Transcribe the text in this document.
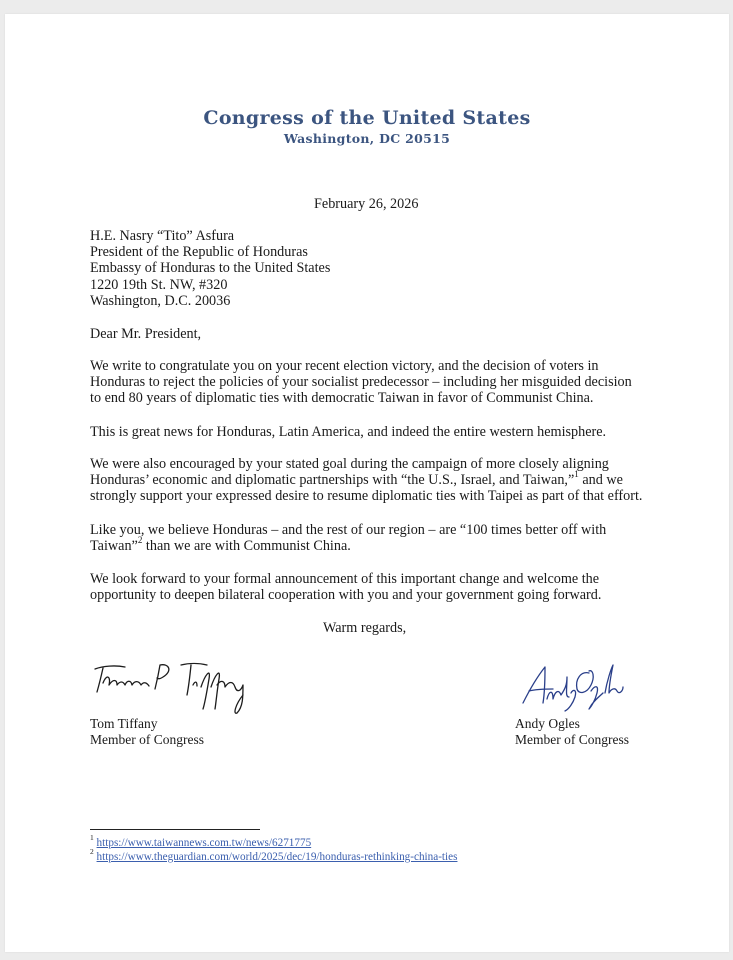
Congress of the United States
Washington, DC 20515
February 26, 2026
H.E. Nasry “Tito” Asfura
President of the Republic of Honduras
Embassy of Honduras to the United States
1220 19th St. NW, #320
Washington, D.C. 20036
Dear Mr. President,
We write to congratulate you on your recent election victory, and the decision of voters in
Honduras to reject the policies of your socialist predecessor – including her misguided decision
to end 80 years of diplomatic ties with democratic Taiwan in favor of Communist China.
This is great news for Honduras, Latin America, and indeed the entire western hemisphere.
We were also encouraged by your stated goal during the campaign of more closely aligning
Honduras’ economic and diplomatic partnerships with “the U.S., Israel, and Taiwan,”$^1$ and we
strongly support your expressed desire to resume diplomatic ties with Taipei as part of that effort.
Like you, we believe Honduras – and the rest of our region – are “100 times better off with
Taiwan”$^2$ than we are with Communist China.
We look forward to your formal announcement of this important change and welcome the
opportunity to deepen bilateral cooperation with you and your government going forward.
Warm regards,
Tom Tiffany
Member of Congress
Andy Ogles
Member of Congress
$^1$ https://www.taiwannews.com.tw/news/6271775
$^2$ https://www.theguardian.com/world/2025/dec/19/honduras-rethinking-china-ties
